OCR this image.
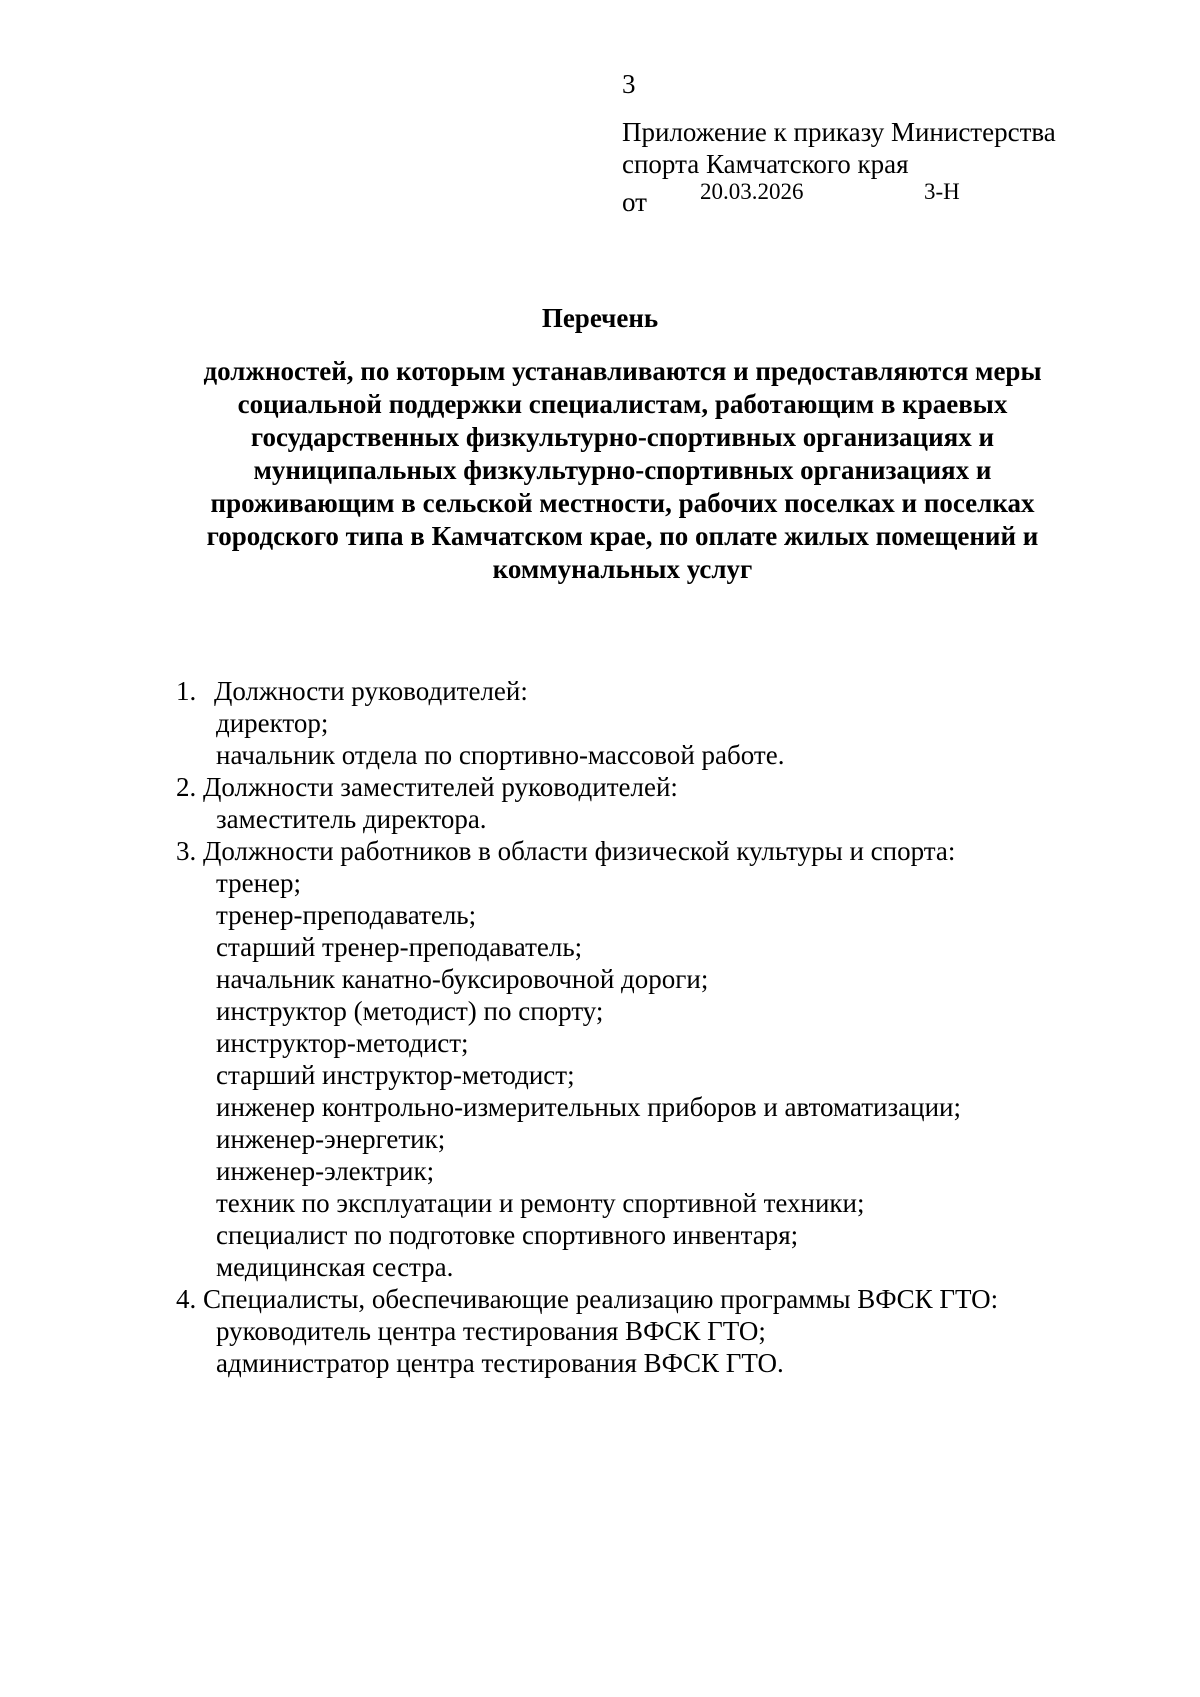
3
Приложение к приказу Министерства
спорта Камчатского края
от 20.03.2026	3-Н
Перечень
должностей, по которым устанавливаются и предоставляются меры
социальной поддержки специалистам, работающим в краевых
государственных физкультурно-спортивных организациях и
муниципальных физкультурно-спортивных организациях и
проживающим в сельской местности, рабочих поселках и поселках
городского типа в Камчатском крае, по оплате жилых помещений и
коммунальных услуг
1. Должности руководителей:
директор;
начальник отдела по спортивно-массовой работе.
2. Должности заместителей руководителей:
заместитель директора.
3. Должности работников в области физической культуры и спорта:
тренер;
тренер-преподаватель;
старший тренер-преподаватель;
начальник канатно-буксировочной дороги;
инструктор (методист) по спорту;
инструктор-методист;
старший инструктор-методист;
инженер контрольно-измерительных приборов и автоматизации;
инженер-энергетик;
инженер-электрик;
техник по эксплуатации и ремонту спортивной техники;
специалист по подготовке спортивного инвентаря;
медицинская сестра.
4. Специалисты, обеспечивающие реализацию программы ВФСК ГТО:
руководитель центра тестирования ВФСК ГТО;
администратор центра тестирования ВФСК ГТО.
